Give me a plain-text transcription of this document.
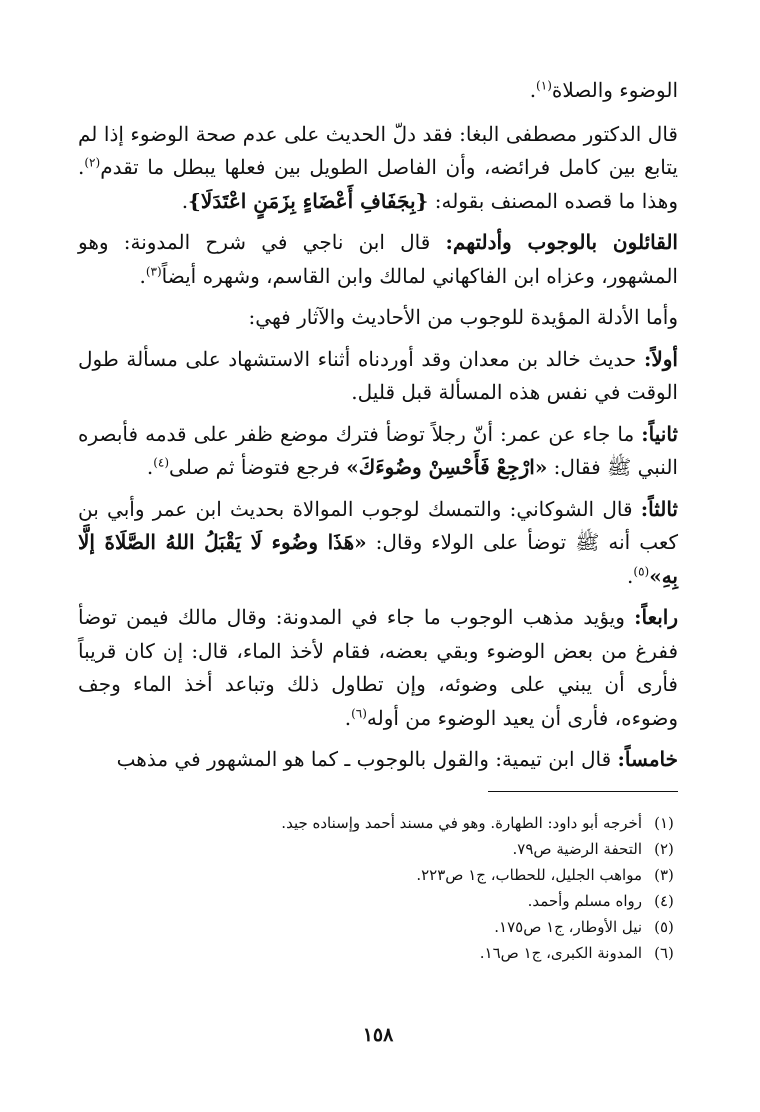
الوضوء والصلاة$^{(١)}$.

قال الدكتور مصطفى البغا: فقد دلّ الحديث على عدم صحة الوضوء إذا لم يتابع بين كامل فرائضه، وأن الفاصل الطويل بين فعلها يبطل ما تقدم$^{(٢)}$. وهذا ما قصده المصنف بقوله: {بِجَفَافِ أَعْضَاءٍ بِزَمَنٍ اعْتَدَلَا}.

القائلون بالوجوب وأدلتهم: قال ابن ناجي في شرح المدونة: وهو المشهور، وعزاه ابن الفاكهاني لمالك وابن القاسم، وشهره أيضاً$^{(٣)}$.

وأما الأدلة المؤيدة للوجوب من الأحاديث والآثار فهي:

أولاً: حديث خالد بن معدان وقد أوردناه أثناء الاستشهاد على مسألة طول الوقت في نفس هذه المسألة قبل قليل.

ثانياً: ما جاء عن عمر: أنّ رجلاً توضأ فترك موضع ظفر على قدمه فأبصره النبي ﷺ فقال: «ارْجِعْ فَأَحْسِنْ وضُوءَكَ» فرجع فتوضأ ثم صلى$^{(٤)}$.

ثالثاً: قال الشوكاني: والتمسك لوجوب الموالاة بحديث ابن عمر وأبي بن كعب أنه ﷺ توضأ على الولاء وقال: «هَذَا وضُوء لَا يَقْبَلُ اللهُ الصَّلَاةَ إلَّا بِهِ»$^{(٥)}$.

رابعاً: ويؤيد مذهب الوجوب ما جاء في المدونة: وقال مالك فيمن توضأ ففرغ من بعض الوضوء وبقي بعضه، فقام لأخذ الماء، قال: إن كان قريباً فأرى أن يبني على وضوئه، وإن تطاول ذلك وتباعد أخذ الماء وجف وضوءه، فأرى أن يعيد الوضوء من أوله$^{(٦)}$.

خامساً: قال ابن تيمية: والقول بالوجوب ـ كما هو المشهور في مذهب

(١)
أخرجه أبو داود: الطهارة. وهو في مسند أحمد وإسناده جيد.
(٢)
التحفة الرضية ص٧٩.
(٣)
مواهب الجليل، للحطاب، ج١ ص٢٢٣.
(٤)
رواه مسلم وأحمد.
(٥)
نيل الأوطار، ج١ ص١٧٥.
(٦)
المدونة الكبرى، ج١ ص١٦.
١٥٨
